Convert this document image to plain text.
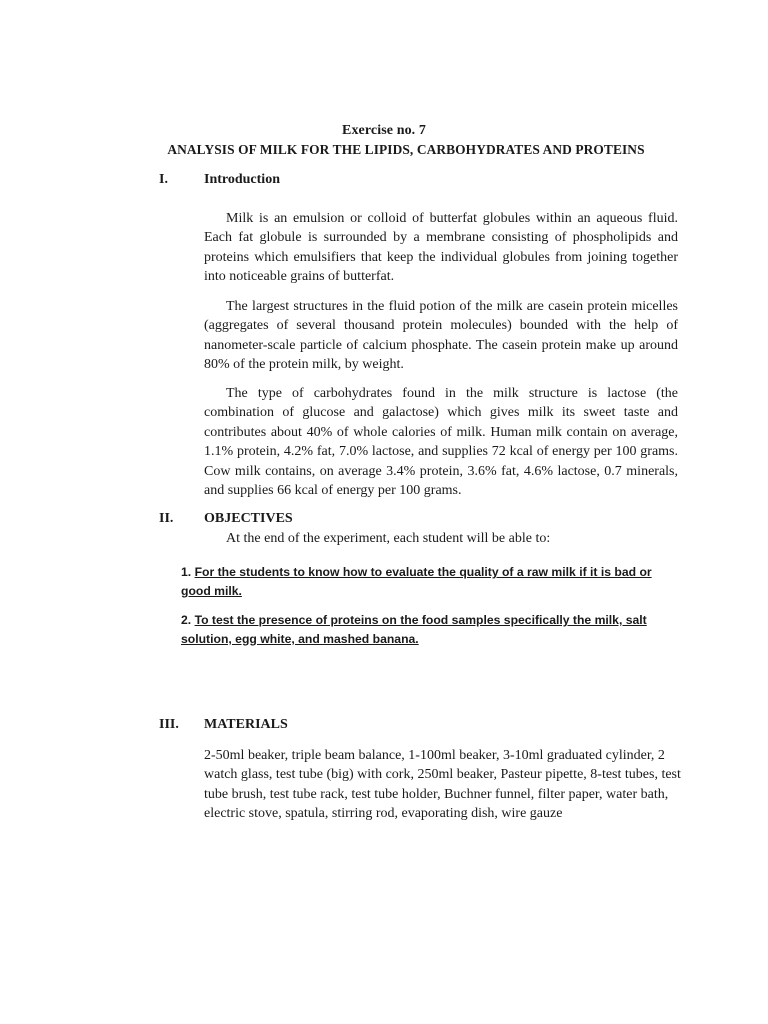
Exercise no. 7
ANALYSIS OF MILK FOR THE LIPIDS, CARBOHYDRATES AND PROTEINS
I.	Introduction

Milk is an emulsion or colloid of butterfat globules within an aqueous fluid. Each fat globule is surrounded by a membrane consisting of phospholipids and proteins which emulsifiers that keep the individual globules from joining together into noticeable grains of butterfat.

The largest structures in the fluid potion of the milk are casein protein micelles (aggregates of several thousand protein molecules) bounded with the help of nanometer-scale particle of calcium phosphate. The casein protein make up around 80% of the protein milk, by weight.

The type of carbohydrates found in the milk structure is lactose (the combination of glucose and galactose) which gives milk its sweet taste and contributes about 40% of whole calories of milk. Human milk contain on average, 1.1% protein, 4.2% fat, 7.0% lactose, and supplies 72 kcal of energy per 100 grams. Cow milk contains, on average 3.4% protein, 3.6% fat, 4.6% lactose, 0.7 minerals, and supplies 66 kcal of energy per 100 grams.

II. OBJECTIVES
At the end of the experiment, each student will be able to:

1. For the students to know how to evaluate the quality of a raw milk if it is bad or good milk.

2. To test the presence of proteins on the food samples specifically the milk, salt solution, egg white, and mashed banana.

III. MATERIALS

2-50ml beaker, triple beam balance, 1-100ml beaker, 3-10ml graduated cylinder, 2 watch glass, test tube (big) with cork, 250ml beaker, Pasteur pipette, 8-test tubes, test tube brush, test tube rack, test tube holder, Buchner funnel, filter paper, water bath, electric stove, spatula, stirring rod, evaporating dish, wire gauze
